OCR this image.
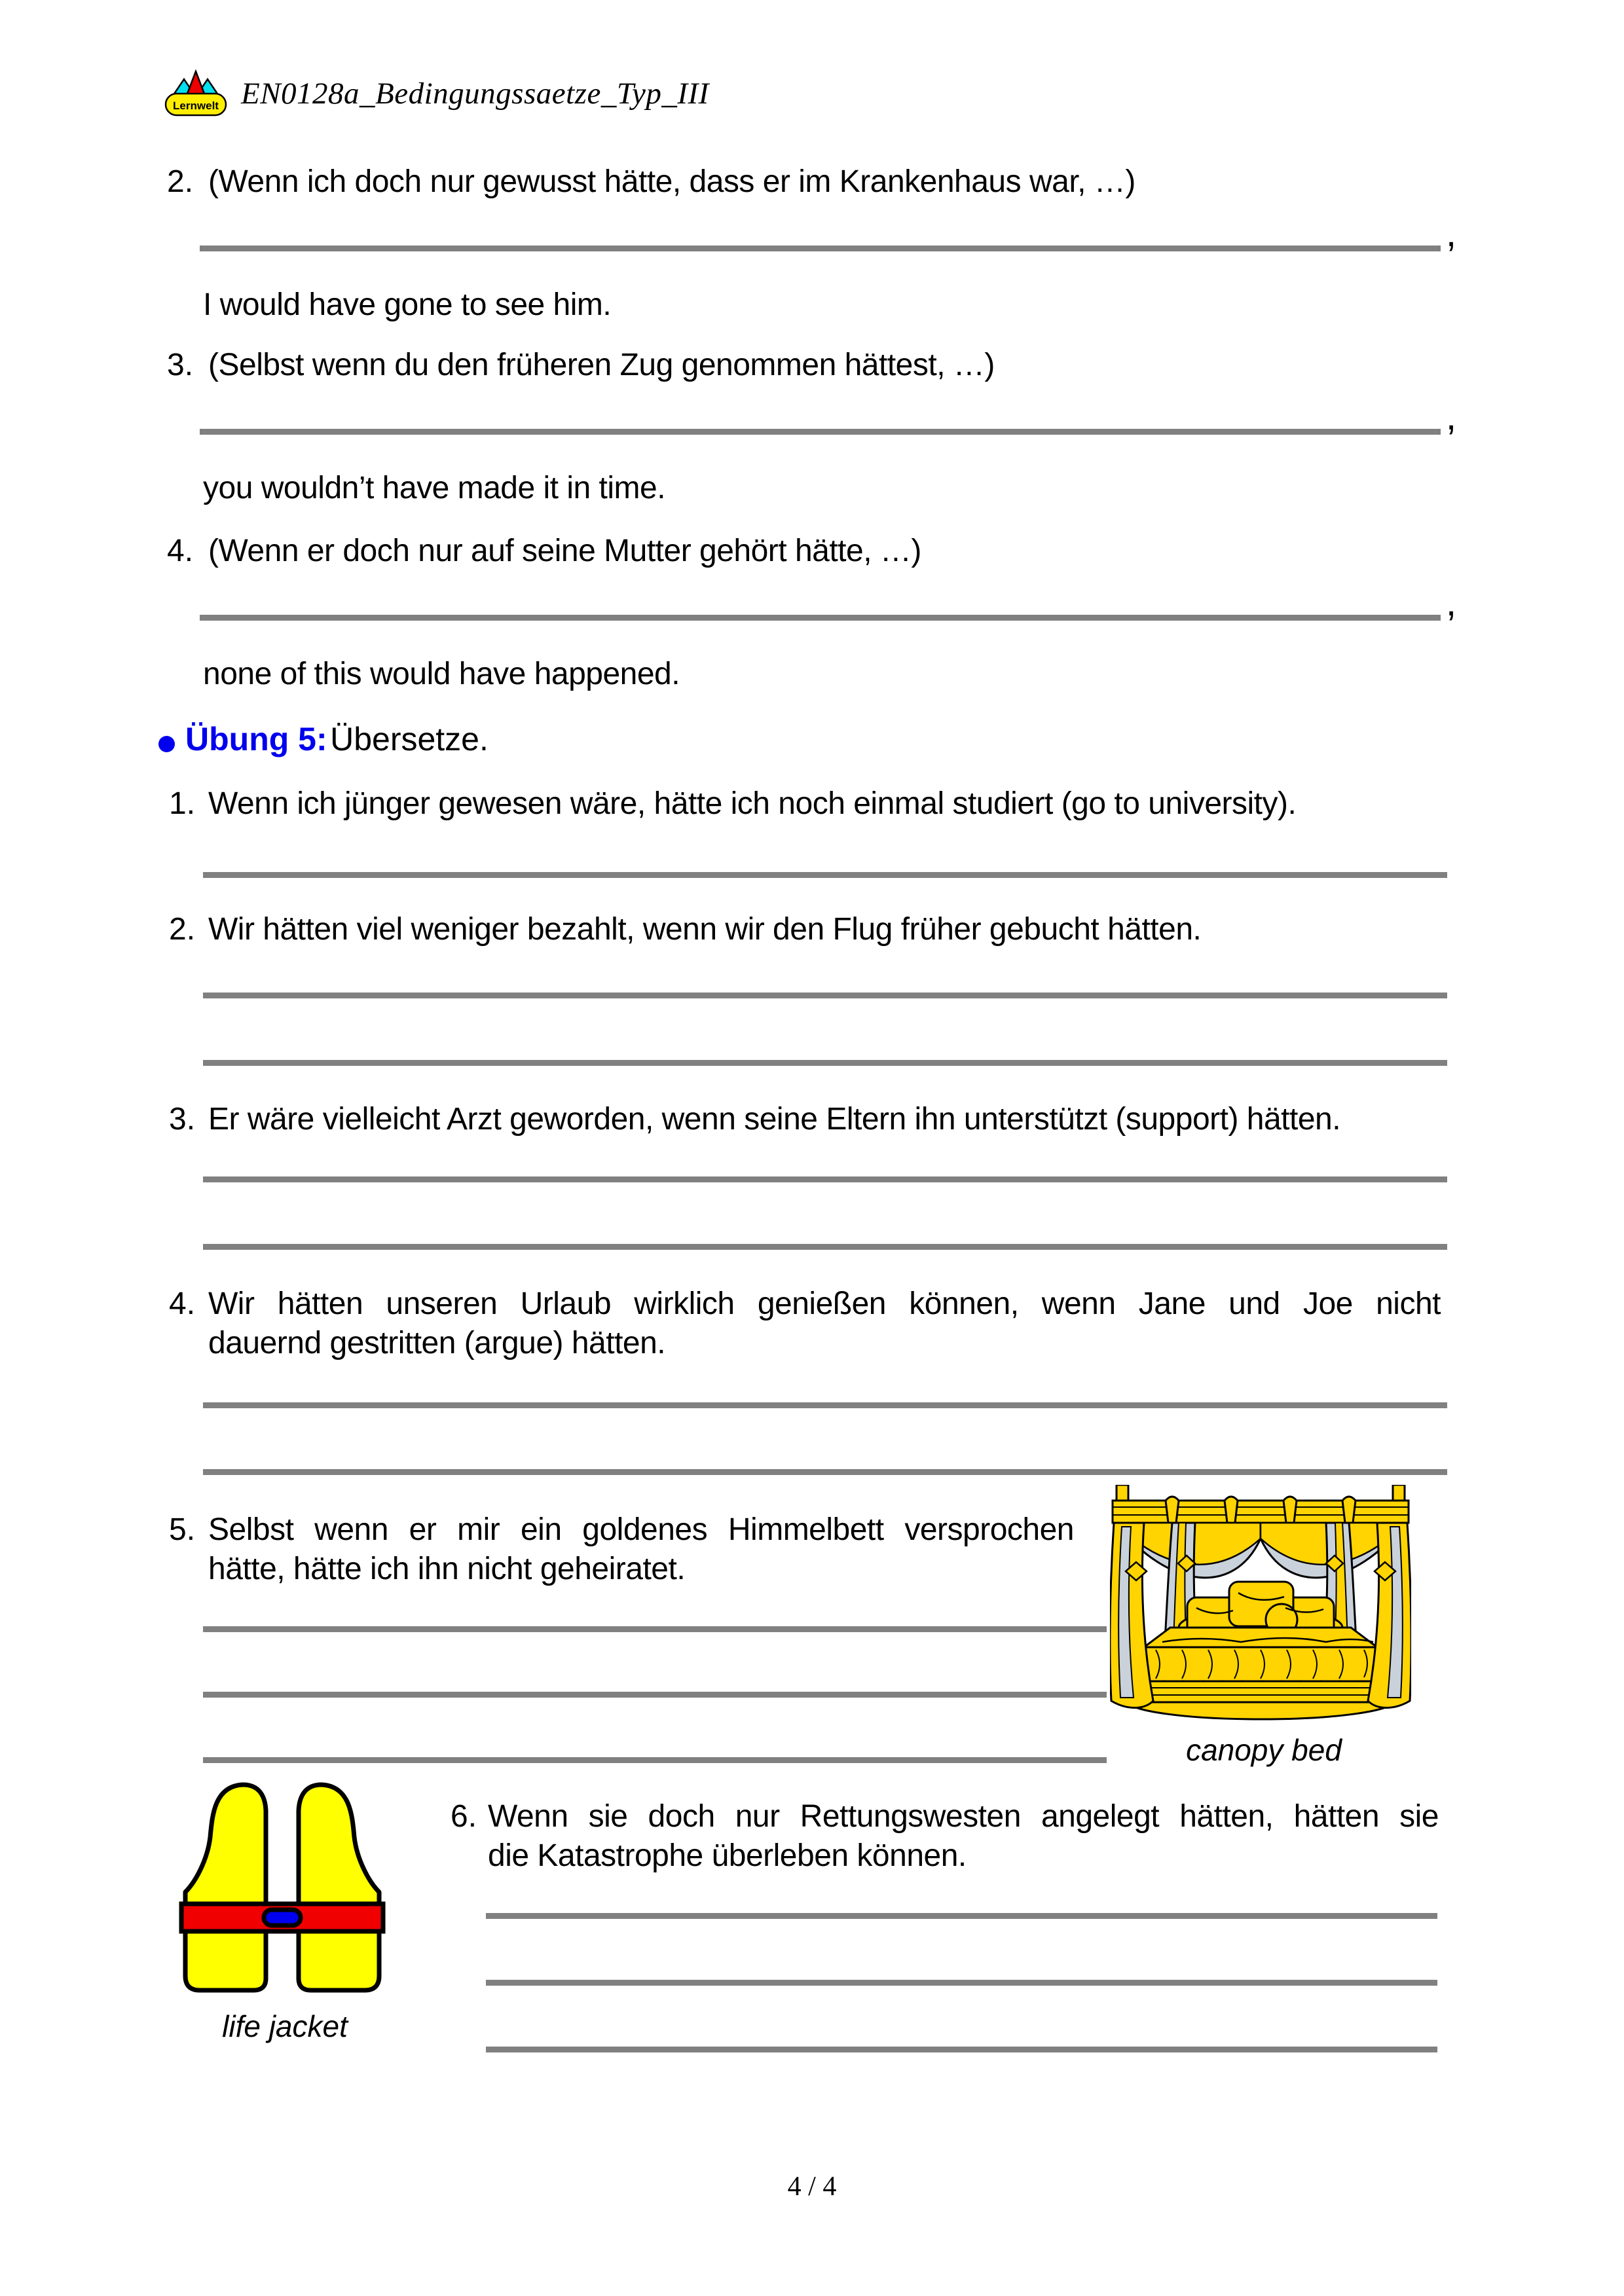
Lernwelt EN0128a_Bedingungssaetze_Typ_III
2. (Wenn ich doch nur gewusst hätte, dass er im Krankenhaus war, …)
,
I would have gone to see him.
3. (Selbst wenn du den früheren Zug genommen hättest, …)
,
you wouldn’t have made it in time.
4. (Wenn er doch nur auf seine Mutter gehört hätte, …)
,
none of this would have happened.
Übung 5: Übersetze.
1. Wenn ich jünger gewesen wäre, hätte ich noch einmal studiert (go to university).
2. Wir hätten viel weniger bezahlt, wenn wir den Flug früher gebucht hätten.
3. Er wäre vielleicht Arzt geworden, wenn seine Eltern ihn unterstützt (support) hätten.
4. Wir hätten unseren Urlaub wirklich genießen können, wenn Jane und Joe nicht
dauernd gestritten (argue) hätten.
5. Selbst wenn er mir ein goldenes Himmelbett versprochen
hätte, hätte ich ihn nicht geheiratet.
canopy bed
6. Wenn sie doch nur Rettungswesten angelegt hätten, hätten sie
die Katastrophe überleben können.
life jacket
4 / 4
